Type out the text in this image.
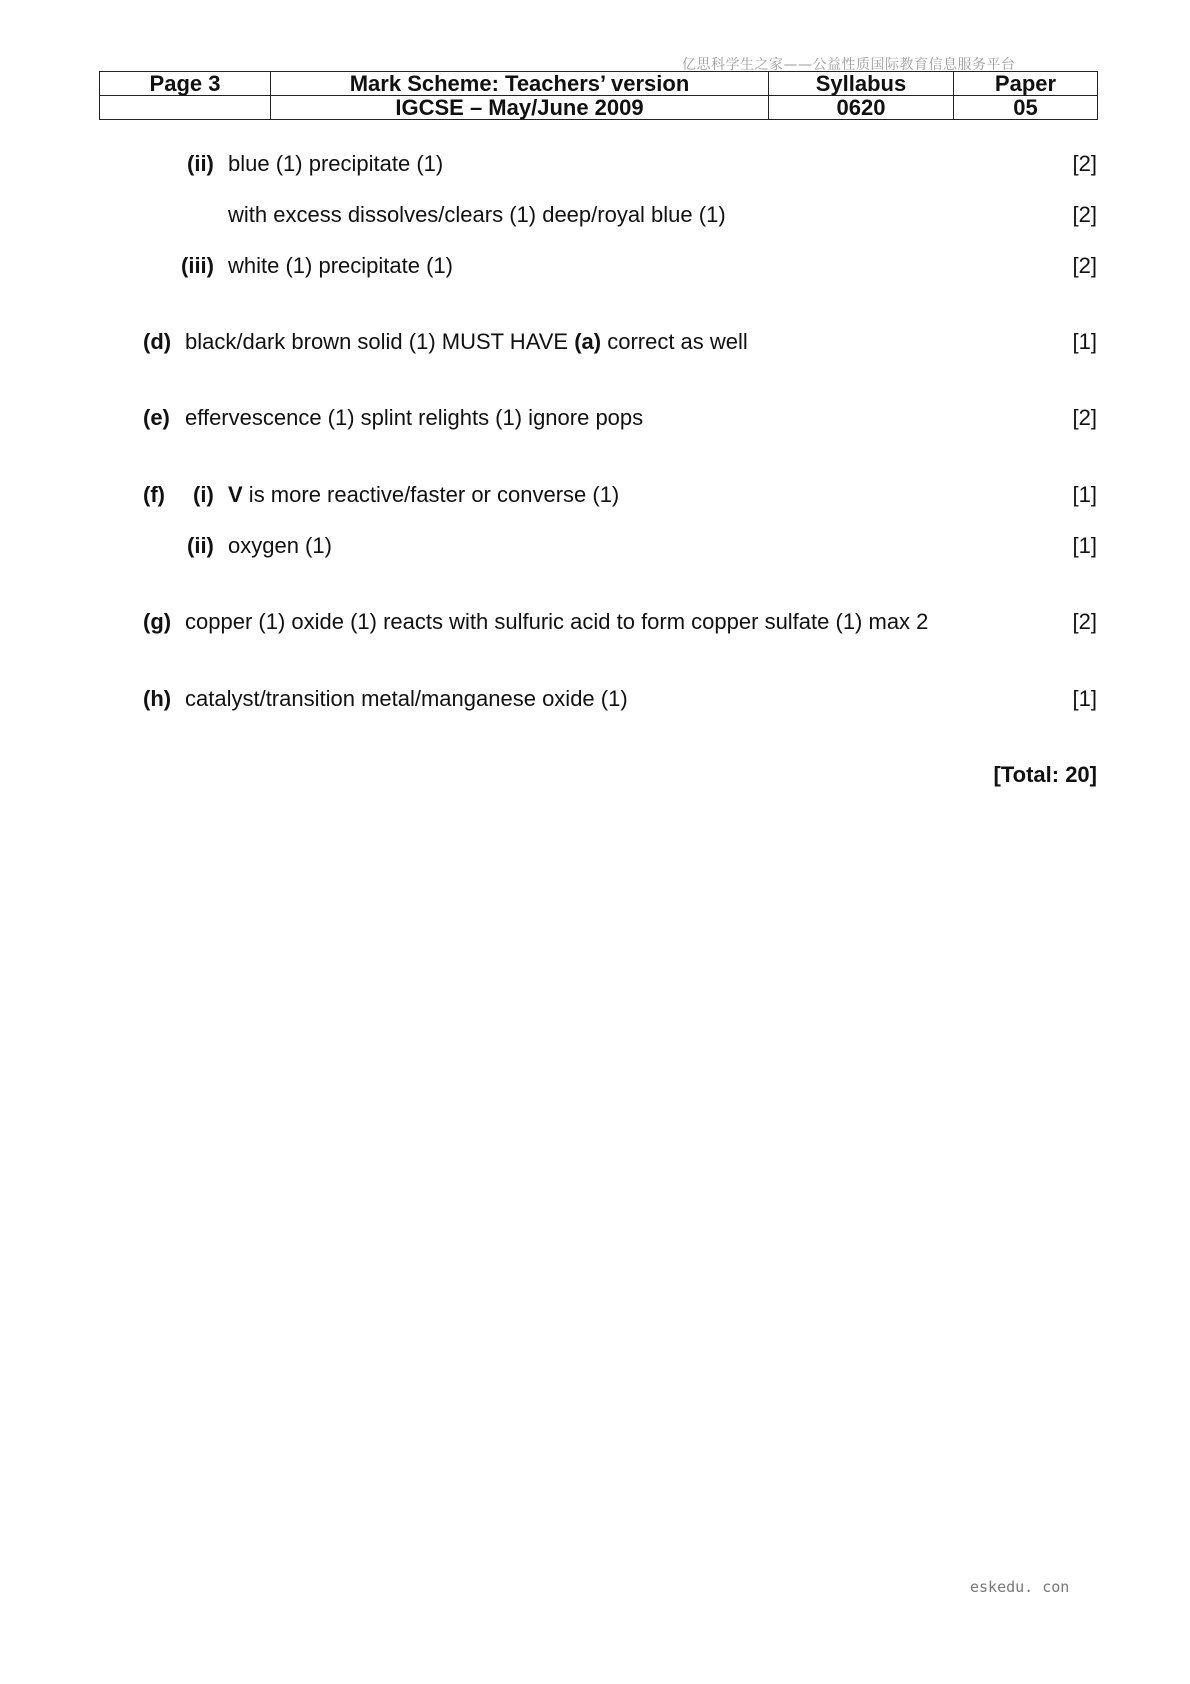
亿思科学生之家——公益性质国际教育信息服务平台
Page 3	Mark Scheme: Teachers’ version	Syllabus	Paper
	IGCSE – May/June 2009	0620	05
(ii) blue (1) precipitate (1)	[2]
with excess dissolves/clears (1) deep/royal blue (1)	[2]
(iii) white (1) precipitate (1)	[2]
(d) black/dark brown solid (1) MUST HAVE (a) correct as well	[1]
(e) effervescence (1) splint relights (1) ignore pops	[2]
(f) (i) V is more reactive/faster or converse (1)	[1]
(ii) oxygen (1)	[1]
(g) copper (1) oxide (1) reacts with sulfuric acid to form copper sulfate (1) max 2	[2]
(h) catalyst/transition metal/manganese oxide (1)	[1]
[Total: 20]
eskedu. con
